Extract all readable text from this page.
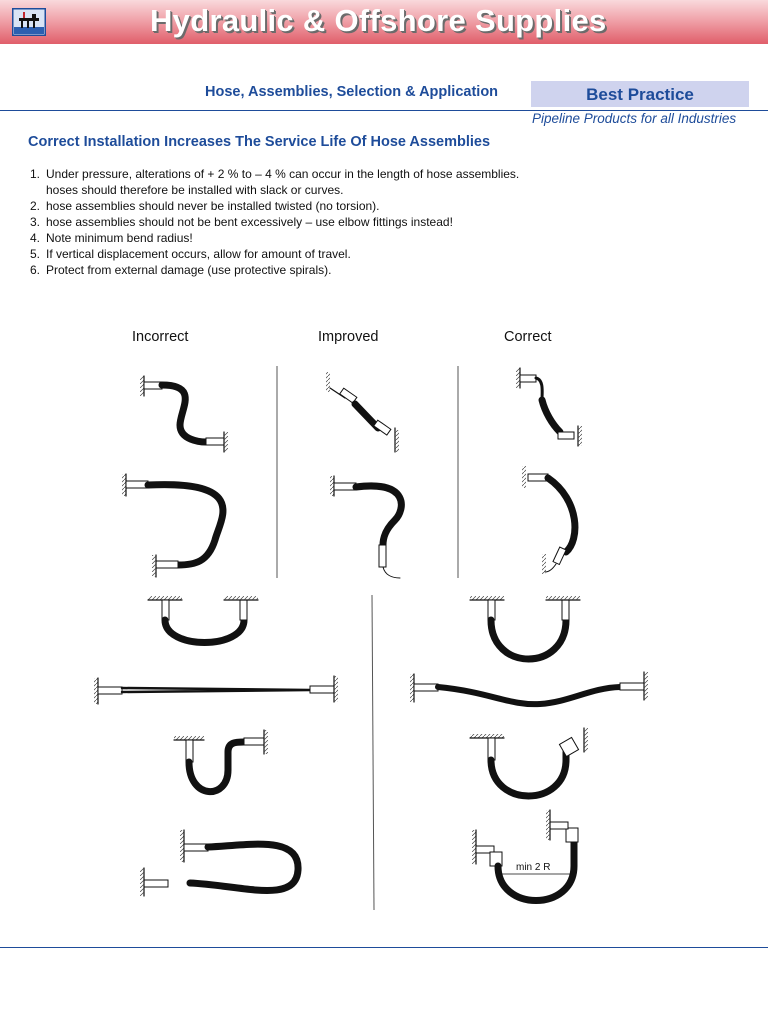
Hydraulic & Offshore Supplies
Hose, Assemblies, Selection & Application	Best Practice
Pipeline Products for all Industries
Correct Installation Increases The Service Life Of Hose Assemblies
1. Under pressure, alterations of + 2 % to – 4 % can occur in the length of hose assemblies.
hoses should therefore be installed with slack or curves.
2. hose assemblies should never be installed twisted (no torsion).
3. hose assemblies should not be bent excessively – use elbow fittings instead!
4. Note minimum bend radius!
5. If vertical displacement occurs, allow for amount of travel.
6. Protect from external damage (use protective spirals).
Incorrect	Improved	Correct
min 2 R
